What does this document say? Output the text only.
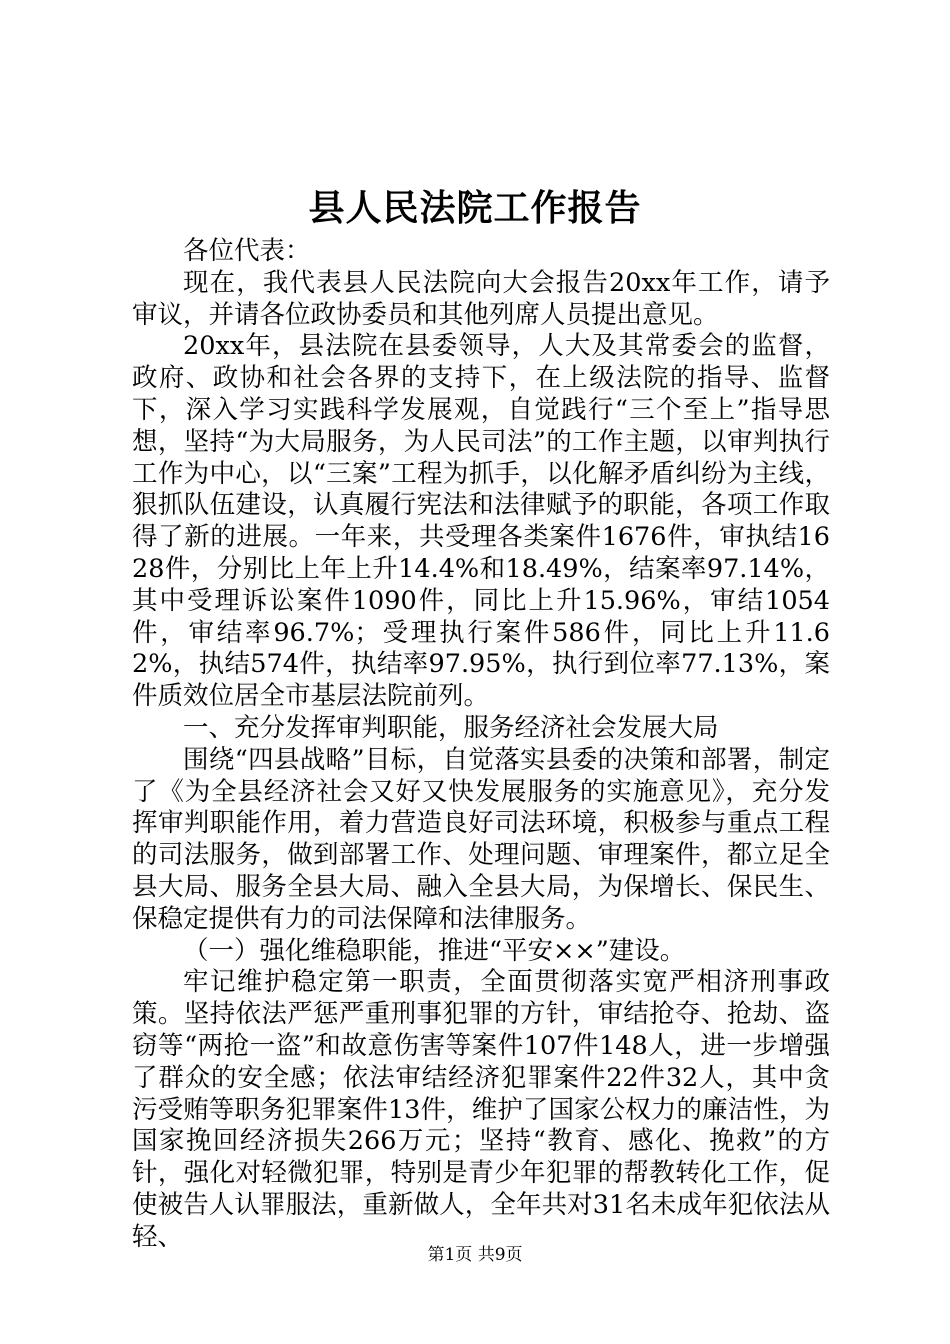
县人民法院工作报告

各位代表：

现在，我代表县人民法院向大会报告20xx年工作，请予审议，并请各位政协委员和其他列席人员提出意见。

20xx年，县法院在县委领导，人大及其常委会的监督，政府、政协和社会各界的支持下，在上级法院的指导、监督下，深入学习实践科学发展观，自觉践行“三个至上”指导思想，坚持“为大局服务，为人民司法”的工作主题，以审判执行工作为中心，以“三案”工程为抓手，以化解矛盾纠纷为主线，狠抓队伍建设，认真履行宪法和法律赋予的职能，各项工作取得了新的进展。一年来，共受理各类案件1676件，审执结1628件，分别比上年上升14.4%和18.49%，结案率97.14%，其中受理诉讼案件1090件，同比上升15.96%，审结1054件，审结率96.7%；受理执行案件586件，同比上升11.62%，执结574件，执结率97.95%，执行到位率77.13%，案件质效位居全市基层法院前列。

一、充分发挥审判职能，服务经济社会发展大局

围绕“四县战略”目标，自觉落实县委的决策和部署，制定了《为全县经济社会又好又快发展服务的实施意见》，充分发挥审判职能作用，着力营造良好司法环境，积极参与重点工程的司法服务，做到部署工作、处理问题、审理案件，都立足全县大局、服务全县大局、融入全县大局，为保增长、保民生、保稳定提供有力的司法保障和法律服务。

（一）强化维稳职能，推进“平安××”建设。

牢记维护稳定第一职责，全面贯彻落实宽严相济刑事政策。坚持依法严惩严重刑事犯罪的方针，审结抢夺、抢劫、盗窃等“两抢一盗”和故意伤害等案件107件148人，进一步增强了群众的安全感；依法审结经济犯罪案件22件32人，其中贪污受贿等职务犯罪案件13件，维护了国家公权力的廉洁性，为国家挽回经济损失266万元；坚持“教育、感化、挽救”的方针，强化对轻微犯罪，特别是青少年犯罪的帮教转化工作，促使被告人认罪服法，重新做人，全年共对31名未成年犯依法从轻、

第1页 共9页
